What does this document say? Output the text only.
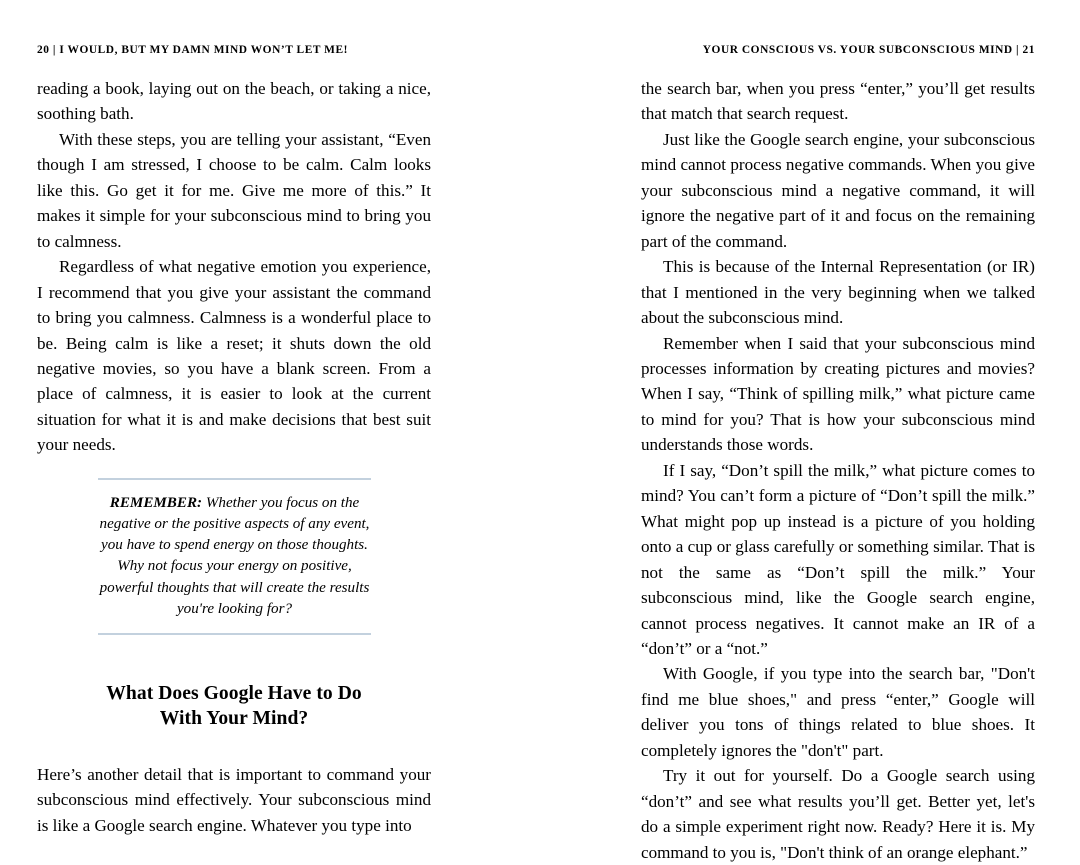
20 | I WOULD, BUT MY DAMN MIND WON’T LET ME!

reading a book, laying out on the beach, or taking a nice, soothing bath.

With these steps, you are telling your assistant, “Even though I am stressed, I choose to be calm. Calm looks like this. Go get it for me. Give me more of this.” It makes it simple for your subconscious mind to bring you to calmness.

Regardless of what negative emotion you experience, I recommend that you give your assistant the command to bring you calmness. Calmness is a wonderful place to be. Being calm is like a reset; it shuts down the old negative movies, so you have a blank screen. From a place of calmness, it is easier to look at the current situation for what it is and make decisions that best suit your needs.

REMEMBER: Whether you focus on the negative or the positive aspects of any event, you have to spend energy on those thoughts. Why not focus your energy on positive, powerful thoughts that will create the results you're looking for?

What Does Google Have to Do
With Your Mind?

Here’s another detail that is important to command your subconscious mind effectively. Your subconscious mind is like a Google search engine. Whatever you type into

YOUR CONSCIOUS VS. YOUR SUBCONSCIOUS MIND | 21

the search bar, when you press “enter,” you’ll get results that match that search request.

Just like the Google search engine, your subconscious mind cannot process negative commands. When you give your subconscious mind a negative command, it will ignore the negative part of it and focus on the remaining part of the command.

This is because of the Internal Representation (or IR) that I mentioned in the very beginning when we talked about the subconscious mind.

Remember when I said that your subconscious mind processes information by creating pictures and movies? When I say, “Think of spilling milk,” what picture came to mind for you? That is how your subconscious mind understands those words.

If I say, “Don’t spill the milk,” what picture comes to mind? You can’t form a picture of “Don’t spill the milk.” What might pop up instead is a picture of you holding onto a cup or glass carefully or something similar. That is not the same as “Don’t spill the milk.” Your subconscious mind, like the Google search engine, cannot process negatives. It cannot make an IR of a “don’t” or a “not.”

With Google, if you type into the search bar, "Don't find me blue shoes," and press “enter,” Google will deliver you tons of things related to blue shoes. It completely ignores the "don't" part.

Try it out for yourself. Do a Google search using “don’t” and see what results you’ll get. Better yet, let's do a simple experiment right now. Ready? Here it is. My command to you is, "Don't think of an orange elephant.”
